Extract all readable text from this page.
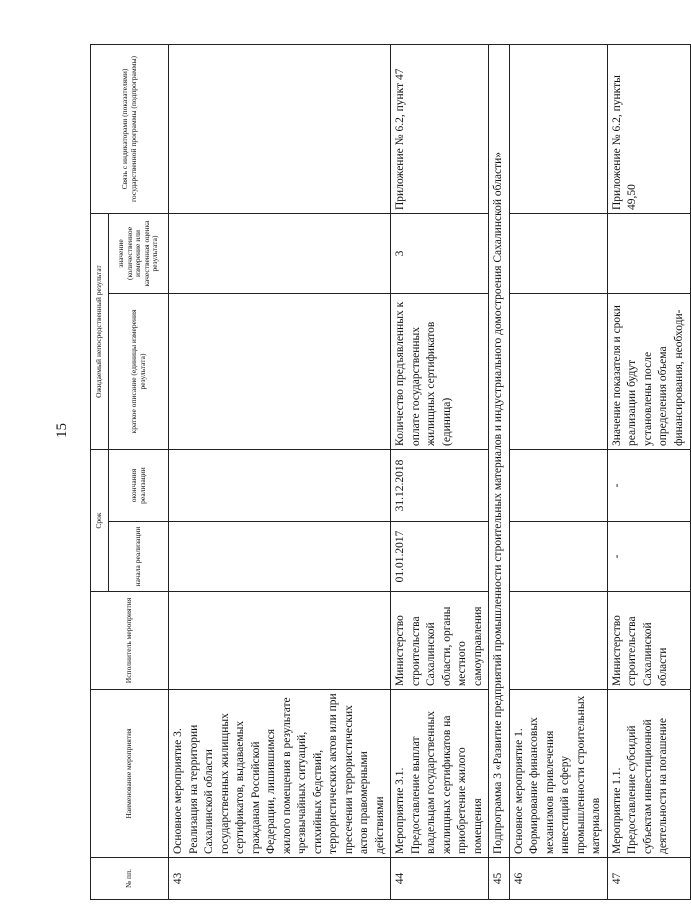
15
№ пп.	Наименование мероприятия	Исполнитель мероприятия	Срок		Ожидаемый непосредственный результат		Связь с индикаторами (показателями) государственной программы (подпрограммы)
			начала реализации	окончания реализации	краткое описание (единицы измерения результата)	значение (количественное измерение или качественная оценка результата)	
43	Основное мероприятие 3. Реализация на территории Сахалинской области государственных жилищных сертификатов, выдаваемых гражданам Российской Федерации, лишившимся жилого помещения в результате чрезвычайных ситуаций, стихийных бедствий, террористических актов или при пресечении террористических актов правомерными действиями						
44	Мероприятие 3.1. Предоставление выплат владельцам государственных жилищных сертификатов на приобретение жилого помещения	Министерство строительства Сахалинской области, органы местного самоуправления	01.01.2017	31.12.2018	Количество предъявленных к оплате государственных жилищных сертификатов (единица)	3	Приложение № 6.2, пункт 47
45	Подпрограмма 3 «Развитие предприятий промышленности строительных материалов и индустриального домостроения Сахалинской области»						
46	Основное мероприятие 1. Формирование финансовых механизмов привлечения инвестиций в сферу промышленности строительных материалов						
47	Мероприятие 1.1. Предоставление субсидий субъектам инвестиционной деятельности на погашение	Министерство строительства Сахалинской области	-	-	Значение показателя и сроки реализации будут установлены после определения объема финансирования, необходи-		Приложение № 6.2, пункты 49,50
